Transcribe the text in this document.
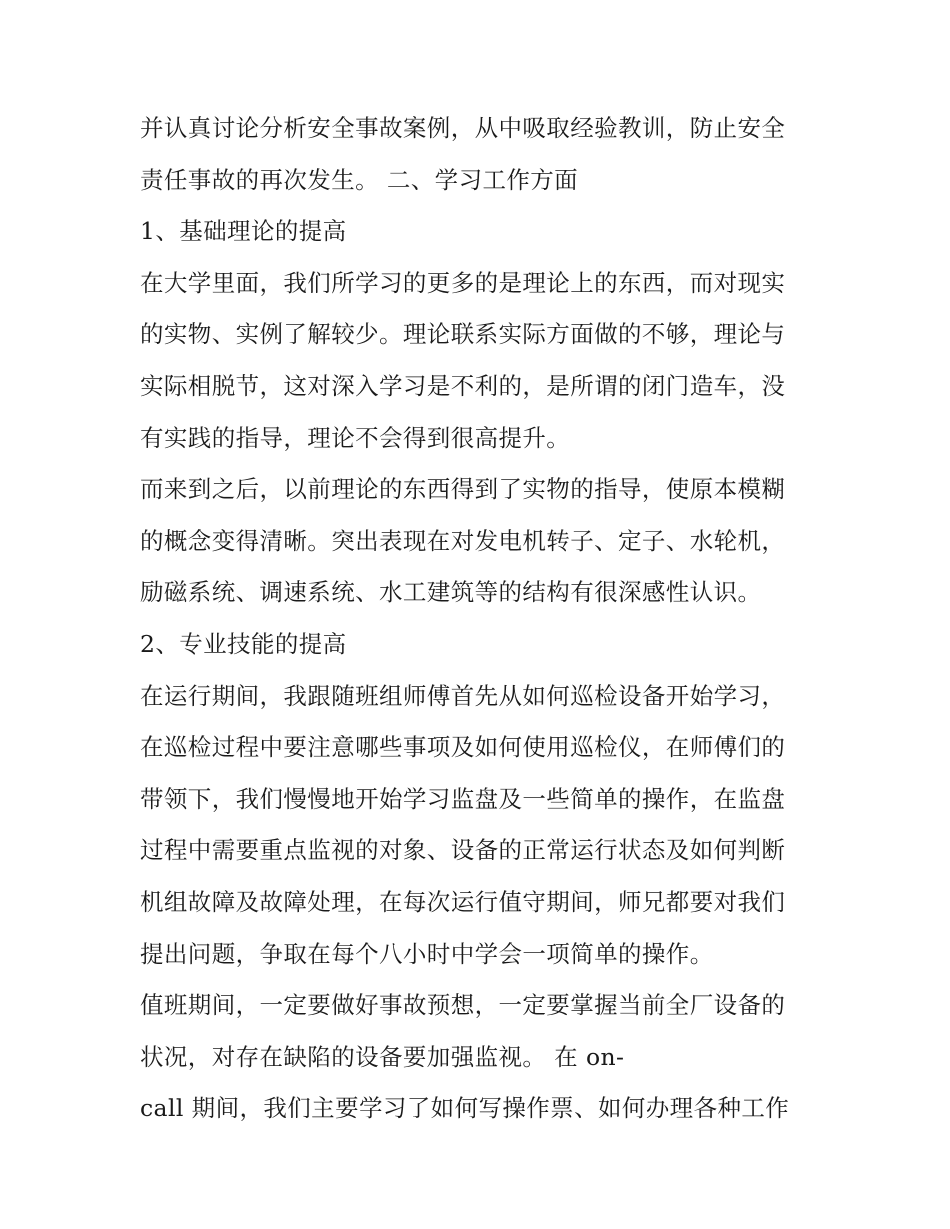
并认真讨论分析安全事故案例，从中吸取经验教训，防止安全
责任事故的再次发生。 二、学习工作方面
1、基础理论的提高
在大学里面，我们所学习的更多的是理论上的东西，而对现实
的实物、实例了解较少。理论联系实际方面做的不够，理论与
实际相脱节，这对深入学习是不利的，是所谓的闭门造车，没
有实践的指导，理论不会得到很高提升。
而来到之后，以前理论的东西得到了实物的指导，使原本模糊
的概念变得清晰。突出表现在对发电机转子、定子、水轮机，
励磁系统、调速系统、水工建筑等的结构有很深感性认识。
2、专业技能的提高
在运行期间，我跟随班组师傅首先从如何巡检设备开始学习，
在巡检过程中要注意哪些事项及如何使用巡检仪，在师傅们的
带领下，我们慢慢地开始学习监盘及一些简单的操作，在监盘
过程中需要重点监视的对象、设备的正常运行状态及如何判断
机组故障及故障处理，在每次运行值守期间，师兄都要对我们
提出问题，争取在每个八小时中学会一项简单的操作。
值班期间，一定要做好事故预想，一定要掌握当前全厂设备的
状况，对存在缺陷的设备要加强监视。 在 on-
call 期间，我们主要学习了如何写操作票、如何办理各种工作
